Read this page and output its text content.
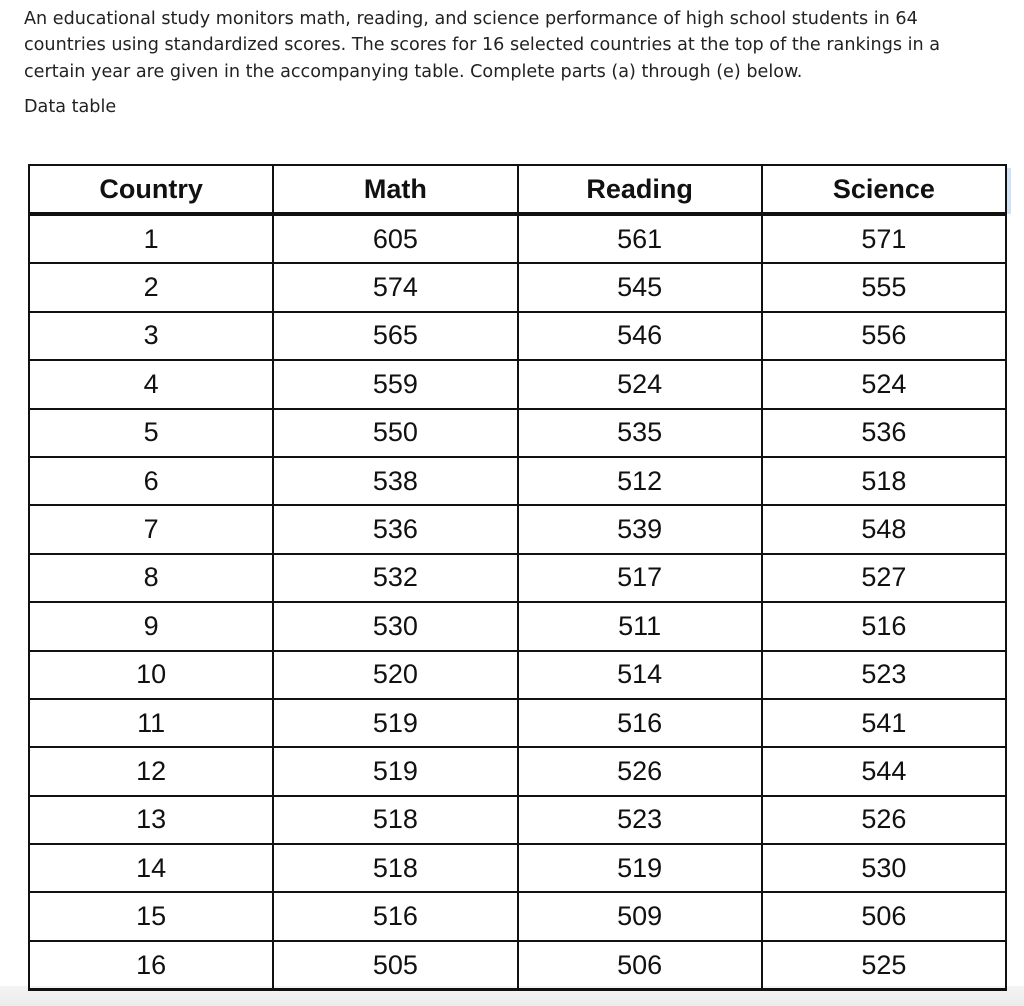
An educational study monitors math, reading, and science performance of high school students in 64
countries using standardized scores. The scores for 16 selected countries at the top of the rankings in a
certain year are given in the accompanying table. Complete parts (a) through (e) below.

Data table

Country	Math	Reading	Science
1	605	561	571
2	574	545	555
3	565	546	556
4	559	524	524
5	550	535	536
6	538	512	518
7	536	539	548
8	532	517	527
9	530	511	516
10	520	514	523
11	519	516	541
12	519	526	544
13	518	523	526
14	518	519	530
15	516	509	506
16	505	506	525
